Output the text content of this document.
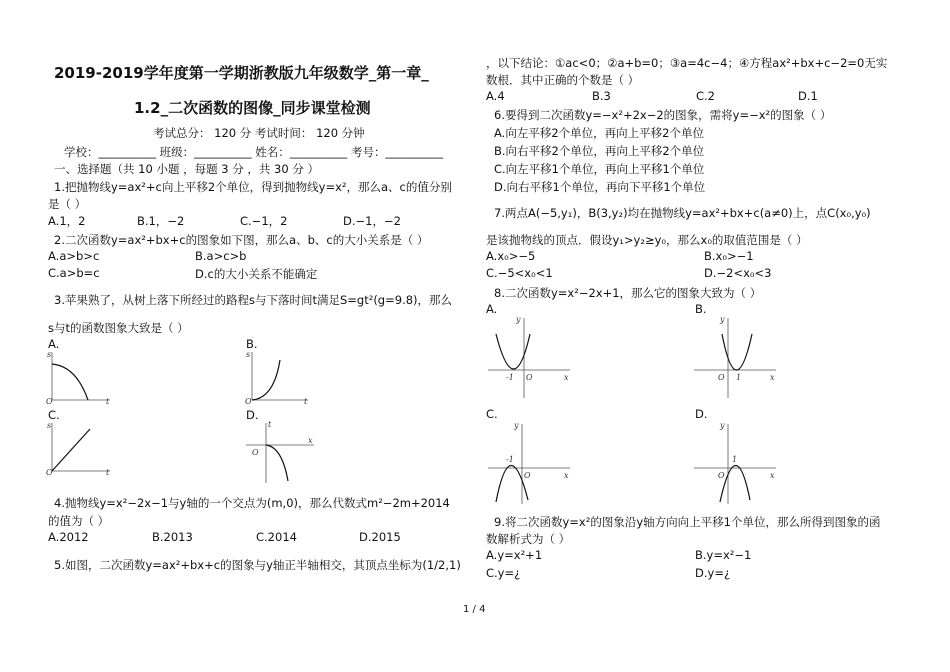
2019-2019学年度第一学期浙教版九年级数学_第一章_
1.2_二次函数的图像_同步课堂检测
考试总分： 120 分 考试时间： 120 分钟
学校：__________ 班级：__________ 姓名：__________ 考号：__________
一、选择题（共 10 小题 ，每题 3 分 ，共 30 分 ）
1.把抛物线y=ax²+c向上平移2个单位，得到抛物线y=x²，那么a、c的值分别
是（ ）
A.1，2	B.1，−2	C.−1，2	D.−1，−2
2.二次函数y=ax²+bx+c的图象如下图，那么a、b、c的大小关系是（ ）
A.a>b>c	B.a>c>b
C.a>b=c	D.c的大小关系不能确定
3.苹果熟了，从树上落下所经过的路程s与下落时间t满足S=gt²(g=9.8)，那么
s与t的函数图象大致是（ ）
A.	B.
C.	D.
s
O	t
s
O	t
s
O	t
t
O
x
4.抛物线y=x²−2x−1与y轴的一个交点为(m,0)，那么代数式m²−2m+2014
的值为（ ）
A.2012	B.2013	C.2014	D.2015
5.如图，二次函数y=ax²+bx+c的图象与y轴正半轴相交，其顶点坐标为(1/2,1)
，以下结论：①ac<0；②a+b=0；③a=4c−4；④方程ax²+bx+c−2=0无实
数根．其中正确的个数是（ ）
A.4	B.3	C.2	D.1
6.要得到二次函数y=−x²+2x−2的图象，需将y=−x²的图象（ ）
A.向左平移2个单位，再向上平移2个单位
B.向右平移2个单位，再向上平移2个单位
C.向左平移1个单位，再向上平移1个单位
D.向右平移1个单位，再向下平移1个单位
7.两点A(−5,y₁)，B(3,y₂)均在抛物线y=ax²+bx+c(a≠0)上，点C(x₀,y₀)
是该抛物线的顶点．假设y₁>y₂≥y₀，那么x₀的取值范围是（ ）
A.x₀>−5	B.x₀>−1
C.−5<x₀<1	D.−2<x₀<3
8.二次函数y=x²−2x+1，那么它的图象大致为（ ）
A.	B.
C.	D.
y
-1 O	x
y
O 1	x
y
-1
O	x
y
1
O	x
9.将二次函数y=x²的图象沿y轴方向向上平移1个单位，那么所得到图象的函
数解析式为（ ）
A.y=x²+1	B.y=x²−1
C.y=¿	D.y=¿
1 / 4
